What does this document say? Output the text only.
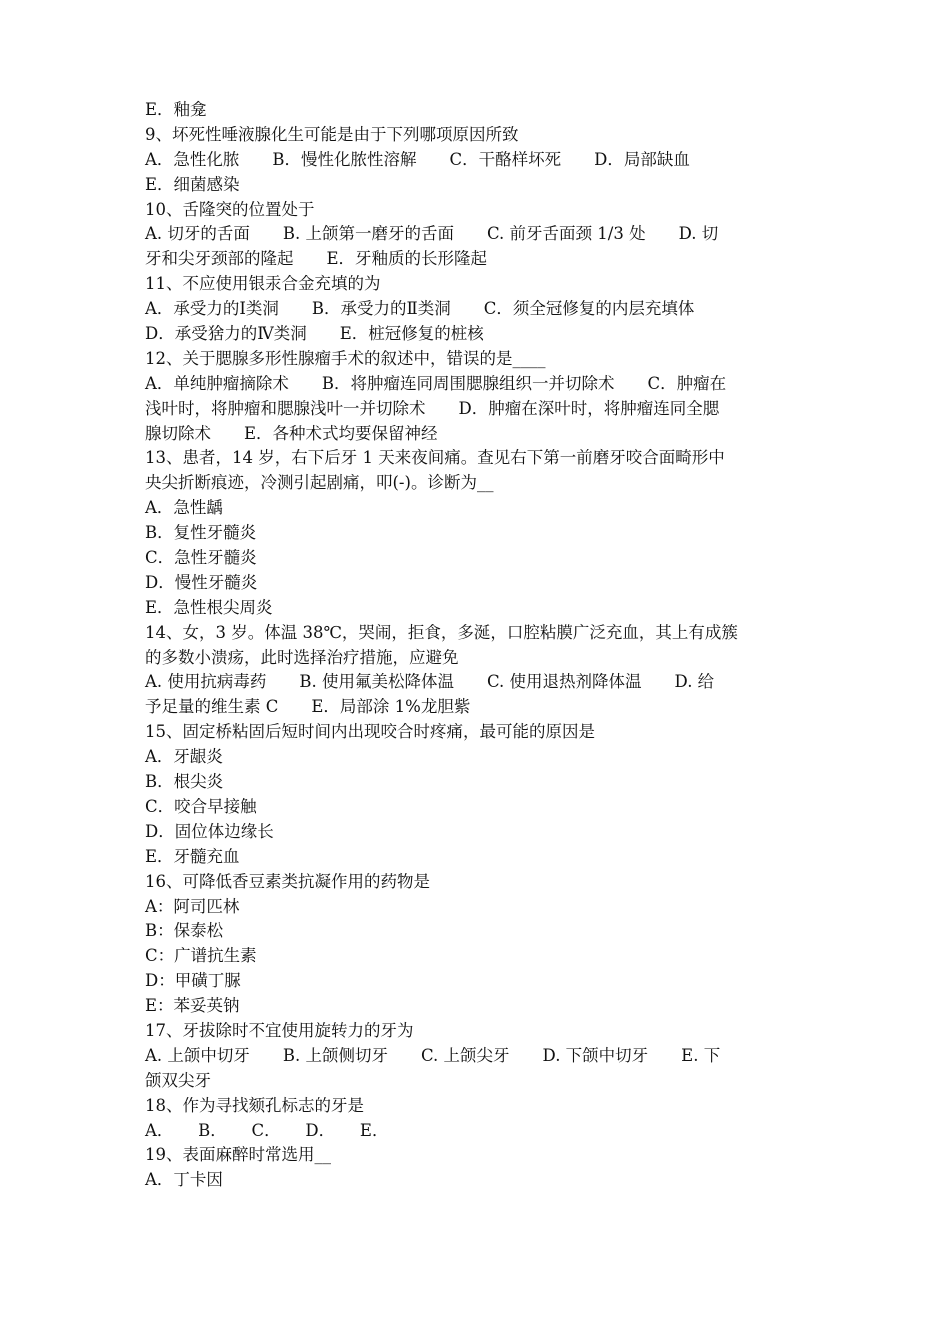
E．釉龛
9、坏死性唾液腺化生可能是由于下列哪项原因所致
A．急性化脓　　B．慢性化脓性溶解　　C．干酪样坏死　　D．局部缺血
E．细菌感染
10、舌隆突的位置处于
A. 切牙的舌面　　B. 上颌第一磨牙的舌面　　C. 前牙舌面颈 1/3 处　　D. 切
牙和尖牙颈部的隆起　　E．牙釉质的长形隆起
11、不应使用银汞合金充填的为
A．承受力的Ⅰ类洞　　B．承受力的Ⅱ类洞　　C．须全冠修复的内层充填体
D．承受猞力的Ⅳ类洞　　E．桩冠修复的桩核
12、关于腮腺多形性腺瘤手术的叙述中，错误的是____
A．单纯肿瘤摘除术　　B．将肿瘤连同周围腮腺组织一并切除术　　C．肿瘤在
浅叶时，将肿瘤和腮腺浅叶一并切除术　　D．肿瘤在深叶时，将肿瘤连同全腮
腺切除术　　E．各种术式均要保留神经
13、患者，14 岁，右下后牙 1 天来夜间痛。查见右下第一前磨牙咬合面畸形中
央尖折断痕迹，冷测引起剧痛，叩(-)。诊断为__
A．急性龋
B．复性牙髓炎
C．急性牙髓炎
D．慢性牙髓炎
E．急性根尖周炎
14、女，3 岁。体温 38℃，哭闹，拒食，多涎，口腔粘膜广泛充血，其上有成簇
的多数小溃疡，此时选择治疗措施，应避免
A. 使用抗病毒药　　B. 使用氟美松降体温　　C. 使用退热剂降体温　　D. 给
予足量的维生素 C　　E．局部涂 1%龙胆紫
15、固定桥粘固后短时间内出现咬合时疼痛，最可能的原因是
A．牙龈炎
B．根尖炎
C．咬合早接触
D．固位体边缘长
E．牙髓充血
16、可降低香豆素类抗凝作用的药物是
A：阿司匹林
B：保泰松
C：广谱抗生素
D：甲磺丁脲
E：苯妥英钠
17、牙拔除时不宜使用旋转力的牙为
A. 上颌中切牙　　B. 上颌侧切牙　　C. 上颌尖牙　　D. 下颌中切牙　　E. 下
颌双尖牙
18、作为寻找颏孔标志的牙是
A．　　B．　　C．　　D．　　E．
19、表面麻醉时常选用__
A．丁卡因
